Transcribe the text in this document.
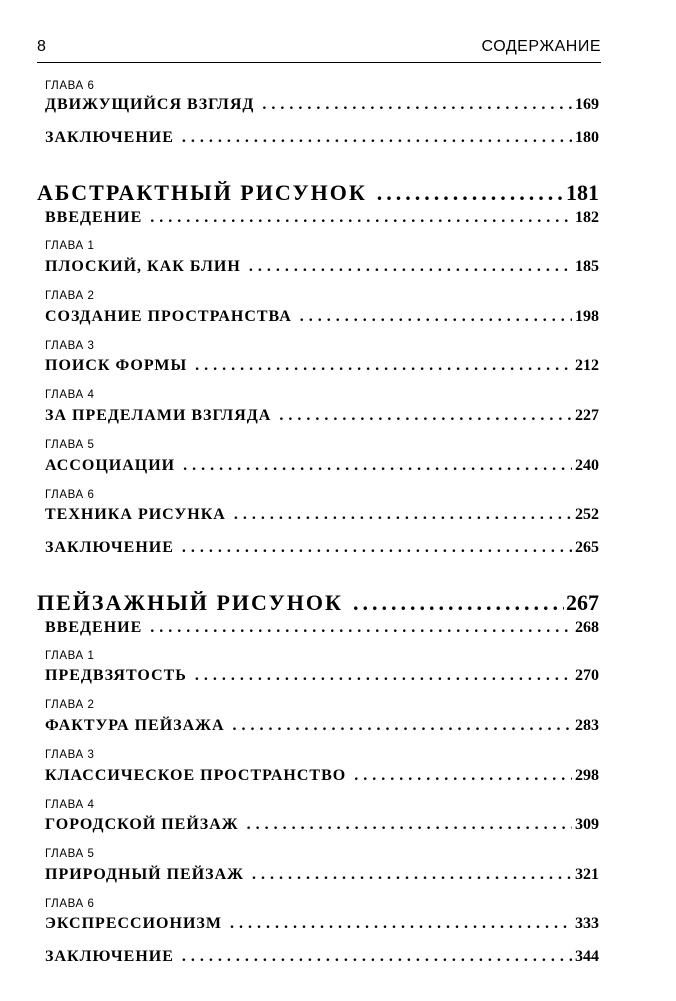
8	СОДЕРЖАНИЕ
ГЛАВА 6
ДВИЖУЩИЙСЯ ВЗГЛЯД .....	169
ЗАКЛЮЧЕНИЕ .....	180
АБСТРАКТНЫЙ РИСУНОК .....	181
ВВЕДЕНИЕ .....	182
ГЛАВА 1
ПЛОСКИЙ, КАК БЛИН .....	185
ГЛАВА 2
СОЗДАНИЕ ПРОСТРАНСТВА .....	198
ГЛАВА 3
ПОИСК ФОРМЫ .....	212
ГЛАВА 4
ЗА ПРЕДЕЛАМИ ВЗГЛЯДА .....	227
ГЛАВА 5
АССОЦИАЦИИ .....	240
ГЛАВА 6
ТЕХНИКА РИСУНКА .....	252
ЗАКЛЮЧЕНИЕ .....	265
ПЕЙЗАЖНЫЙ РИСУНОК .....	267
ВВЕДЕНИЕ .....	268
ГЛАВА 1
ПРЕДВЗЯТОСТЬ .....	270
ГЛАВА 2
ФАКТУРА ПЕЙЗАЖА .....	283
ГЛАВА 3
КЛАССИЧЕСКОЕ ПРОСТРАНСТВО .....	298
ГЛАВА 4
ГОРОДСКОЙ ПЕЙЗАЖ .....	309
ГЛАВА 5
ПРИРОДНЫЙ ПЕЙЗАЖ .....	321
ГЛАВА 6
ЭКСПРЕССИОНИЗМ .....	333
ЗАКЛЮЧЕНИЕ .....	344
